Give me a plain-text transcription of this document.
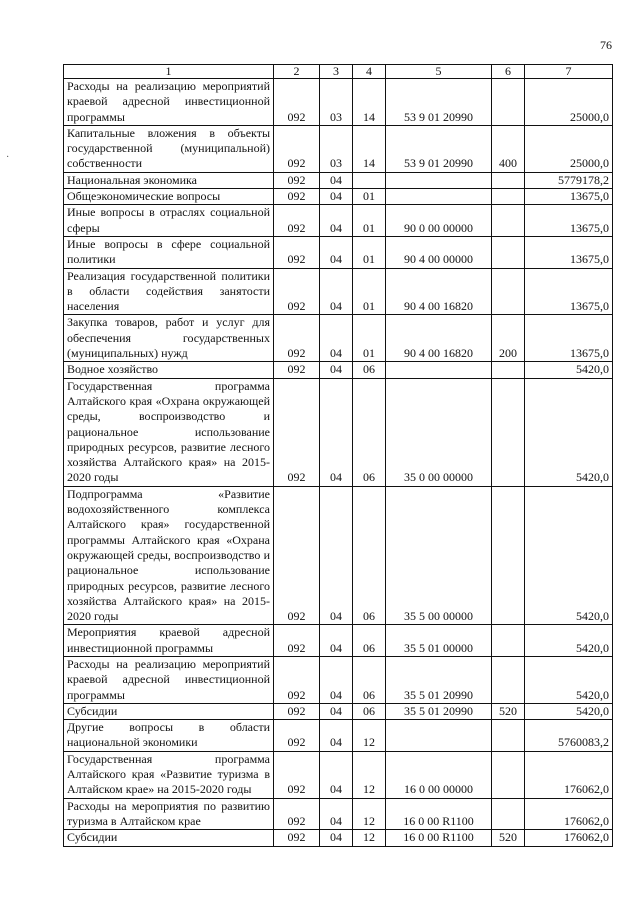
76
·
1	2	3	4	5	6	7
Расходы на реализацию мероприятий краевой адресной инвестиционной программы	092	03	14	53 9 01 20990		25000,0
Капитальные вложения в объекты государственной (муниципальной) собственности	092	03	14	53 9 01 20990	400	25000,0
Национальная экономика	092	04				5779178,2
Общеэкономические вопросы	092	04	01			13675,0
Иные вопросы в отраслях социальной сферы	092	04	01	90 0 00 00000		13675,0
Иные вопросы в сфере социальной политики	092	04	01	90 4 00 00000		13675,0
Реализация государственной политики в области содействия занятости населения	092	04	01	90 4 00 16820		13675,0
Закупка товаров, работ и услуг для обеспечения государственных (муниципальных) нужд	092	04	01	90 4 00 16820	200	13675,0
Водное хозяйство	092	04	06			5420,0
Государственная программа Алтайского края «Охрана окружающей среды, воспроизводство и рациональное использование природных ресурсов, развитие лесного хозяйства Алтайского края» на 2015-2020 годы	092	04	06	35 0 00 00000		5420,0
Подпрограмма «Развитие водохозяйственного комплекса Алтайского края» государственной программы Алтайского края «Охрана окружающей среды, воспроизводство и рациональное использование природных ресурсов, развитие лесного хозяйства Алтайского края» на 2015-2020 годы	092	04	06	35 5 00 00000		5420,0
Мероприятия краевой адресной инвестиционной программы	092	04	06	35 5 01 00000		5420,0
Расходы на реализацию мероприятий краевой адресной инвестиционной программы	092	04	06	35 5 01 20990		5420,0
Субсидии	092	04	06	35 5 01 20990	520	5420,0
Другие вопросы в области национальной экономики	092	04	12			5760083,2
Государственная программа Алтайского края «Развитие туризма в Алтайском крае» на 2015-2020 годы	092	04	12	16 0 00 00000		176062,0
Расходы на мероприятия по развитию туризма в Алтайском крае	092	04	12	16 0 00 R1100		176062,0
Субсидии	092	04	12	16 0 00 R1100	520	176062,0
